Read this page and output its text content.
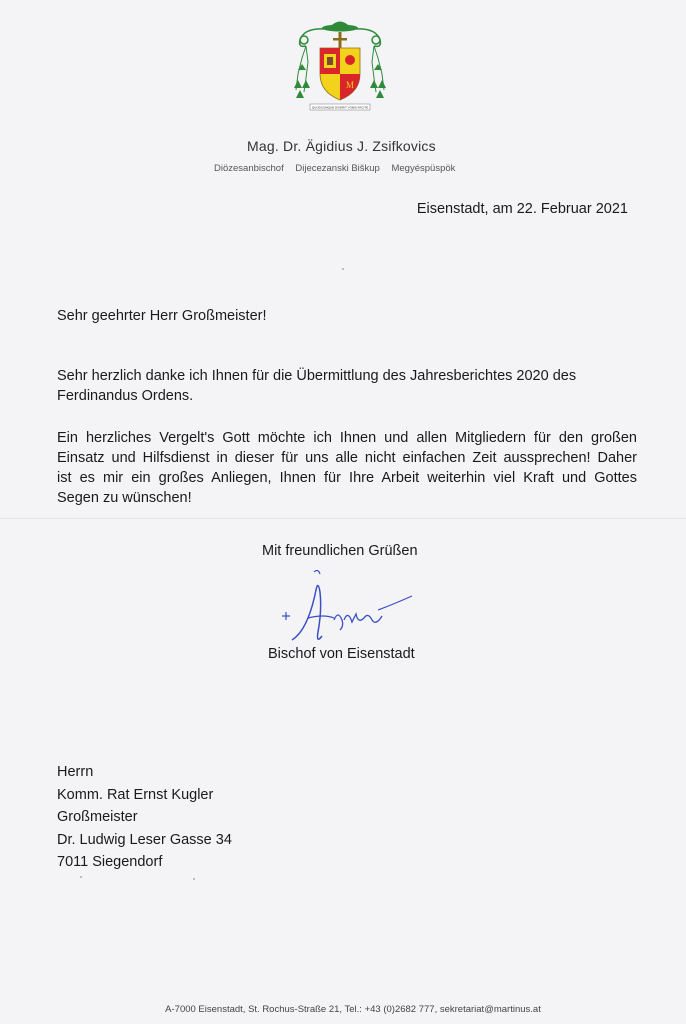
M
QUODCUMQUE DIXERIT VOBIS FACITE
Mag. Dr. Ägidius J. Zsifkovics
Diözesanbischof Dijecezanski Biškup Megyéspüspök
Eisenstadt, am 22. Februar 2021
Sehr geehrter Herr Großmeister!
Sehr herzlich danke ich Ihnen für die Übermittlung des Jahresberichtes 2020 des
Ferdinandus Ordens.
Ein herzliches Vergelt's Gott möchte ich Ihnen und allen Mitgliedern für den großen
Einsatz und Hilfsdienst in dieser für uns alle nicht einfachen Zeit aussprechen! Daher
ist es mir ein großes Anliegen, Ihnen für Ihre Arbeit weiterhin viel Kraft und Gottes
Segen zu wünschen!
Mit freundlichen Grüßen
Bischof von Eisenstadt
Herrn
Komm. Rat Ernst Kugler
Großmeister
Dr. Ludwig Leser Gasse 34
7011 Siegendorf
A-7000 Eisenstadt, St. Rochus-Straße 21, Tel.: +43 (0)2682 777, sekretariat@martinus.at
